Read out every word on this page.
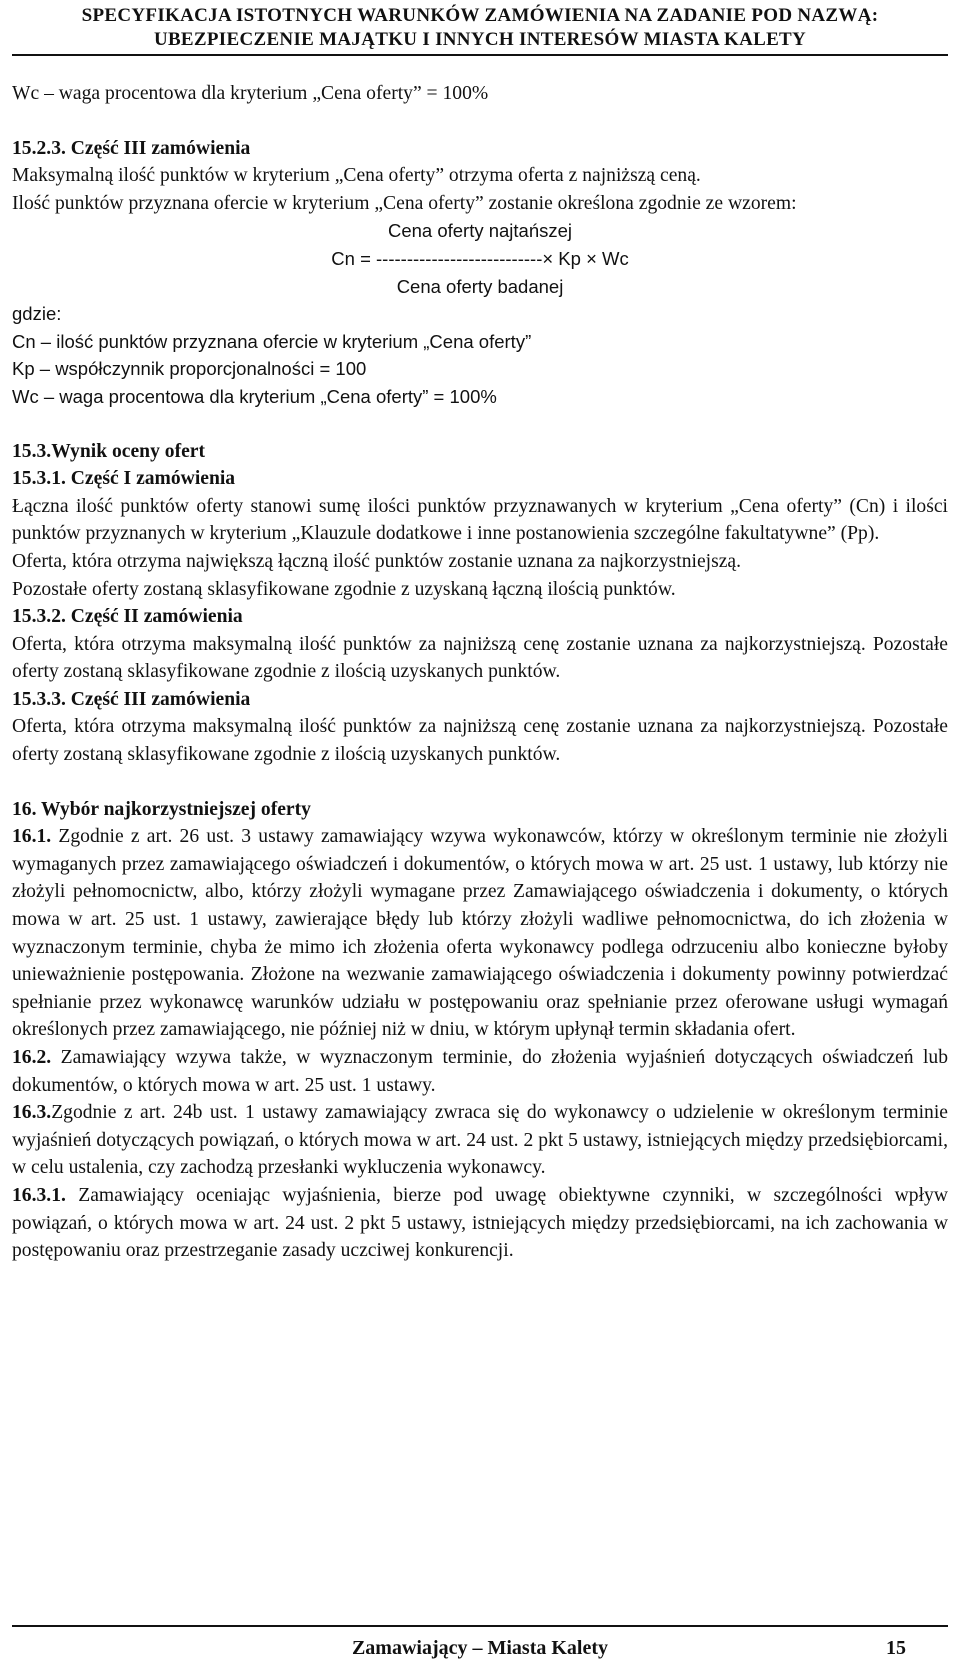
SPECYFIKACJA ISTOTNYCH WARUNKÓW ZAMÓWIENIA NA ZADANIE POD NAZWĄ:
UBEZPIECZENIE MAJĄTKU I INNYCH INTERESÓW MIASTA KALETY

Wc – waga procentowa dla kryterium „Cena oferty” = 100%

15.2.3. Część III zamówienia

Maksymalną ilość punktów w kryterium „Cena oferty” otrzyma oferta z najniższą ceną.

Ilość punktów przyznana ofercie w kryterium „Cena oferty” zostanie określona zgodnie ze wzorem:

Cena oferty najtańszej
Cn = ---------------------------× Kp × Wc
Cena oferty badanej
gdzie:
Cn – ilość punktów przyznana ofercie w kryterium „Cena oferty”
Kp – współczynnik proporcjonalności = 100
Wc – waga procentowa dla kryterium „Cena oferty” = 100%

15.3.Wynik oceny ofert

15.3.1. Część I zamówienia

Łączna ilość punktów oferty stanowi sumę ilości punktów przyznawanych w kryterium „Cena oferty” (Cn) i ilości punktów przyznanych w kryterium „Klauzule dodatkowe i inne postanowienia szczególne fakultatywne” (Pp).

Oferta, która otrzyma największą łączną ilość punktów zostanie uznana za najkorzystniejszą.

Pozostałe oferty zostaną sklasyfikowane zgodnie z uzyskaną łączną ilością punktów.

15.3.2. Część II zamówienia

Oferta, która otrzyma maksymalną ilość punktów za najniższą cenę zostanie uznana za najkorzystniejszą. Pozostałe oferty zostaną sklasyfikowane zgodnie z ilością uzyskanych punktów.

15.3.3. Część III zamówienia

Oferta, która otrzyma maksymalną ilość punktów za najniższą cenę zostanie uznana za najkorzystniejszą. Pozostałe oferty zostaną sklasyfikowane zgodnie z ilością uzyskanych punktów.

16. Wybór najkorzystniejszej oferty

16.1. Zgodnie z art. 26 ust. 3 ustawy zamawiający wzywa wykonawców, którzy w określonym terminie nie złożyli wymaganych przez zamawiającego oświadczeń i dokumentów, o których mowa w art. 25 ust. 1 ustawy, lub którzy nie złożyli pełnomocnictw, albo, którzy złożyli wymagane przez Zamawiającego oświadczenia i dokumenty, o których mowa w art. 25 ust. 1 ustawy, zawierające błędy lub którzy złożyli wadliwe pełnomocnictwa, do ich złożenia w wyznaczonym terminie, chyba że mimo ich złożenia oferta wykonawcy podlega odrzuceniu albo konieczne byłoby unieważnienie postępowania. Złożone na wezwanie zamawiającego oświadczenia i dokumenty powinny potwierdzać spełnianie przez wykonawcę warunków udziału w postępowaniu oraz spełnianie przez oferowane usługi wymagań określonych przez zamawiającego, nie później niż w dniu, w którym upłynął termin składania ofert.

16.2. Zamawiający wzywa także, w wyznaczonym terminie, do złożenia wyjaśnień dotyczących oświadczeń lub dokumentów, o których mowa w art. 25 ust. 1 ustawy.

16.3.Zgodnie z art. 24b ust. 1 ustawy zamawiający zwraca się do wykonawcy o udzielenie w określonym terminie wyjaśnień dotyczących powiązań, o których mowa w art. 24 ust. 2 pkt 5 ustawy, istniejących między przedsiębiorcami, w celu ustalenia, czy zachodzą przesłanki wykluczenia wykonawcy.

16.3.1. Zamawiający oceniając wyjaśnienia, bierze pod uwagę obiektywne czynniki, w szczególności wpływ powiązań, o których mowa w art. 24 ust. 2 pkt 5 ustawy, istniejących między przedsiębiorcami, na ich zachowania w postępowaniu oraz przestrzeganie zasady uczciwej konkurencji.

Zamawiający – Miasta Kalety	15
